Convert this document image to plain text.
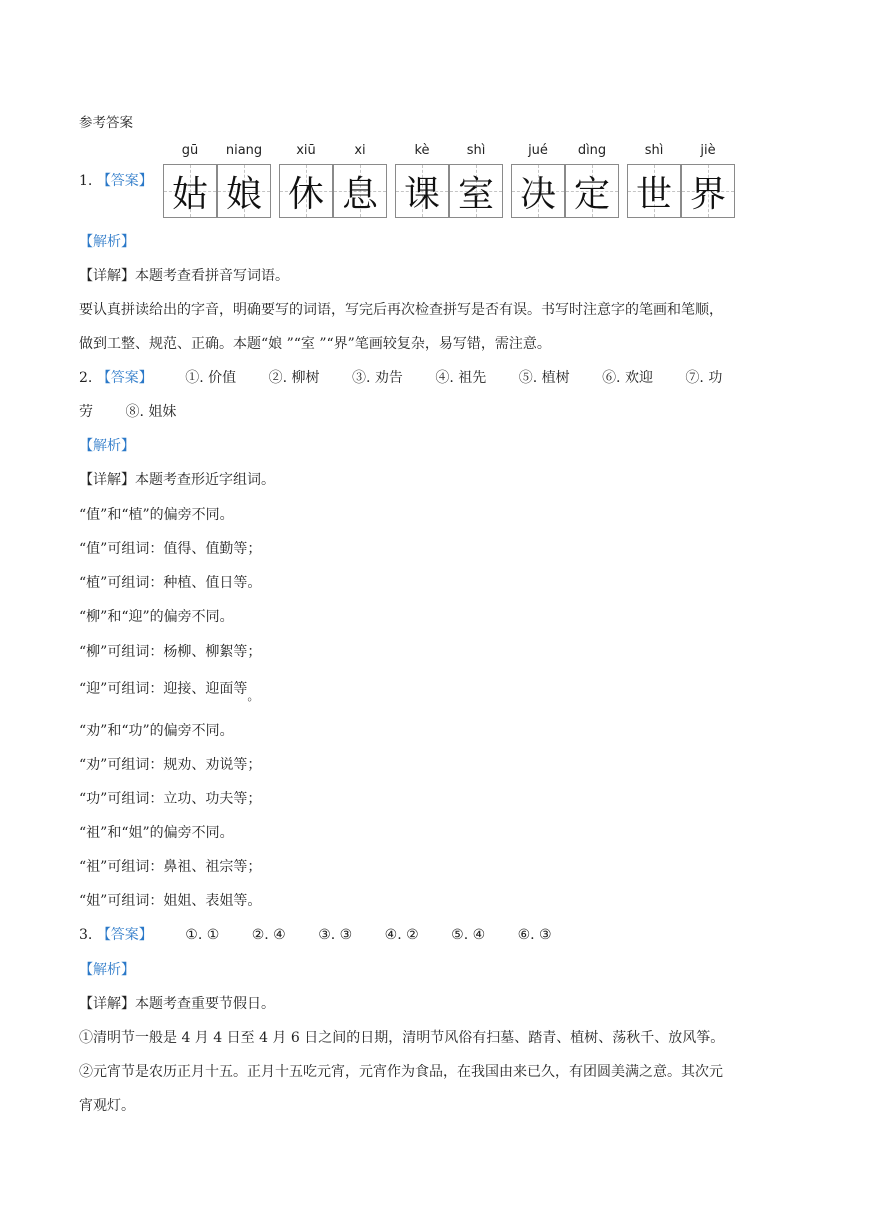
参考答案
1. 【答案】
gū	niang
姑 娘
xiū	xi
休 息
kè	shì
课 室
jué	dìng
决 定
shì	jiè
世 界
【解析】
【详解】本题考查看拼音写词语。
要认真拼读给出的字音，明确要写的词语，写完后再次检查拼写是否有误。书写时注意字的笔画和笔顺，
做到工整、规范、正确。本题“娘 ”“室 ”“界”笔画较复杂，易写错，需注意。
2. 【答案】 ①. 价值 ②. 柳树 ③. 劝告 ④. 祖先 ⑤. 植树 ⑥. 欢迎 ⑦. 功
劳 ⑧. 姐妹
【解析】
【详解】本题考查形近字组词。
“值”和“植”的偏旁不同。
“值”可组词：值得、值勤等；
“植”可组词：种植、值日等。
“柳”和“迎”的偏旁不同。
“柳”可组词：杨柳、柳絮等；
“迎”可组词：迎接、迎面等。
“劝”和“功”的偏旁不同。
“劝”可组词：规劝、劝说等；
“功”可组词：立功、功夫等；
“祖”和“姐”的偏旁不同。
“祖”可组词：鼻祖、祖宗等；
“姐”可组词：姐姐、表姐等。
3. 【答案】 ①. ① ②. ④ ③. ③ ④. ② ⑤. ④ ⑥. ③
【解析】
【详解】本题考查重要节假日。
①清明节一般是 4 月 4 日至 4 月 6 日之间的日期，清明节风俗有扫墓、踏青、植树、荡秋千、放风筝。
②元宵节是农历正月十五。正月十五吃元宵，元宵作为食品，在我国由来已久，有团圆美满之意。其次元
宵观灯。
